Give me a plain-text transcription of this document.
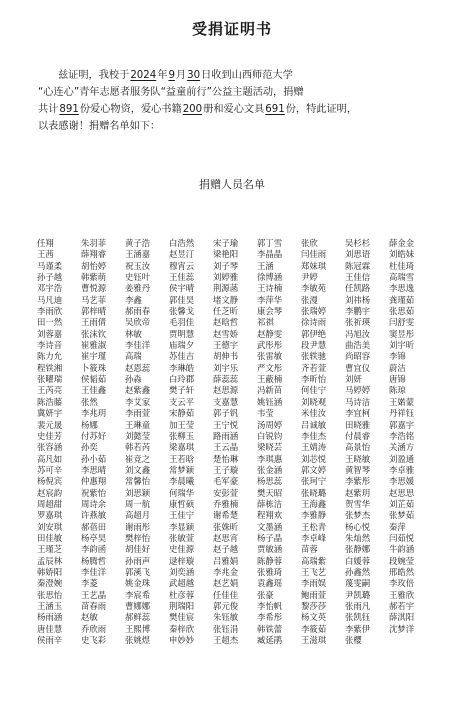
受捐证明书
兹证明，我校于2024年9月30日收到山西师范大学
“心连心”青年志愿者服务队“益童前行”公益主题活动，捐赠
共计891份爱心物资，爱心书籍200册和爱心文具691份，特此证明，
以表感谢！捐赠名单如下：
捐赠人员名单
任翔	朱羽菲	黄子浩	白浩然	宋子瑜	郭丁雪	张欣	吴杉杉	薛金金
王茜	薛翔睿	王涵嘉	赵昱汀	梁艳阳	李晶晶	闫佳雨	刘思语	刘皓妹
马谨柔	胡怡婷	祝玉汝	穆宵云	刘子琴	王涵	郑妹琪	陈冠霖	杜佳琦
孙子越	韩紫萌	史钰叶	王佳蕊	刘婷雅	徐博涵	尹婷	王佳信	高瑞雪
邓宇浩	曹悦源	姜雅丹	侯宇晴	荆源菡	王诗楠	李敏苑	任凯路	李思逸
马凡迪	马艺菲	李鑫	郭佳昊	堵文静	李萍华	张漫	刘祎杨	龚瑾茹
李雨欣	郭梓晴	郝雨春	张馨戈	任芝昕	康会琴	张瑞婷	李鹏宇	张思茹
田一然	王雨倩	吴欣帝	毛羽佳	赵晗哲	祁祺	徐诗雨	张祈瑛	闫舒雯
刘蓉嘉	张沫钦	林敏	贾明慧	赵雪娇	赵静雯	郭伊绝	冯旭汝	窦昱彤
李诗音	崔雅淑	李佳洋	庙瑞夕	王德宇	武彤彤	段尹慧	曲浩美	刘宇昕
陈力允	崔宇瑾	高瑞	苏佳吉	胡伸书	张雷敏	张轶驰	尚昭容	李锦
程铁湘	卜筱珠	赵恩蕊	李琳皓	刘宇乐	严文彤	齐若萱	曹宜仪	蔚洁
张曜瑞	侯韬茹	孙淼	白玲郡	薛蕊蕊	王蔽楠	李昕怡	刘妍	唐锦
王芮亮	王佳鑫	赵紫鑫	樊子轩	赵思源	冯新苗	何佳宁	马婷婷	陈琼
陈浩藤	张然	李艾家	支云平	支嘉慧	姚钰涵	刘晓观	马诗洁	王婼蒙
冀妍宇	李兆玥	李雨萱	宋静茹	郭子钒	韦莹	米佳汝	李宜柯	丹祥钰
裴元晟	杨娜	王琳童	加王莹	王宁悦	汤周婷	吕诚敏	田晓雅	郭嘉宇
史佳芳	付苏好	刘懿莹	张柳玉	路雨涵	白锐钧	李佳杰	付晨睿	李浩铭
张容涵	孙奕	韩若芮	梁嘉琪	王云晶	梁晓芸	王婧涛	高景怡	关涵方
高凡如	孙小茹	崔竞之	王若晗	楚怡琳	李琪惠	刘芯悦	王晓敏	刘盈通
苏可辛	李思晴	刘文鑫	常梦颖	王子璇	张金涵	郭文婷	黄智琴	李卓雅
杨倪宾	仲惠翔	常馨怡	李晨曦	毛军豪	杨思蕊	张珂宁	李紫彤	李思媛
赵宸韵	祝紫怡	刘思颖	何瑞华	安彭萱	樊天昭	张晓璐	赵紫玥	赵思思
周超甜	周诗余	周一航	康哲硕	乔雅楠	薛栋洁	王海鑫	贺雪华	刘芷茹
罗嘉琪	许燕敏	高超月	王佳宁	谢希楚	程翔欢	李雅静	张梦杰	张梦茹
刘安琪	郝蓓田	谢雨彤	李显颖	张姝昕	文墨涵	王松青	杨心悦	秦萍
田佳敏	杨亭昊	樊梓怡	张敏萱	赵思宵	杨子晶	李卓峰	朱灿然	闫茹悦
王瑾芝	李韵函	胡佳好	史佳源	赵子越	贾敏涵	苗蓉	张静娜	牛韵涵
孟辰林	杨腾哲	孙雨声	逯梓璇	吕雅娟	陈静蓉	高瑞紫	白媛蓉	段婉莹
韩娇阳	李佳洋	郭溪飞	刘奕涵	李兆金	张雅琦	王飞艺	孙鑫然	邢皓然
秦澄婉	李菱	姚金珠	武超越	赵艺娟	袁鑫瑶	李雨娱	蔑雯嗣	李玫倍
张思怡	王艺晶	李宸希	杜彦蓉	任佳佳	张豪	鲍雨萱	尹凯璐	王雅欣
王涵玉	苗春雨	曹娜娜	荆瑞阳	郭元俊	李怡帆	黎莎莎	张雨凡	郝若宇
杨雨涵	赵敏	郝鲜蕊	樊佳宸	朱钰敏	李希彤	杨文英	张凯钰	薛淇阳
唐佳慧	乔欣雨	王熙博	秦梓欣	张钰涓	韩铁蕾	李筱茹	李紫伊	沈梦洋
侯雨辛	史飞彩	张姚煜	申妙妙	王超杰	臧延鹃	王滋琪	张樱
